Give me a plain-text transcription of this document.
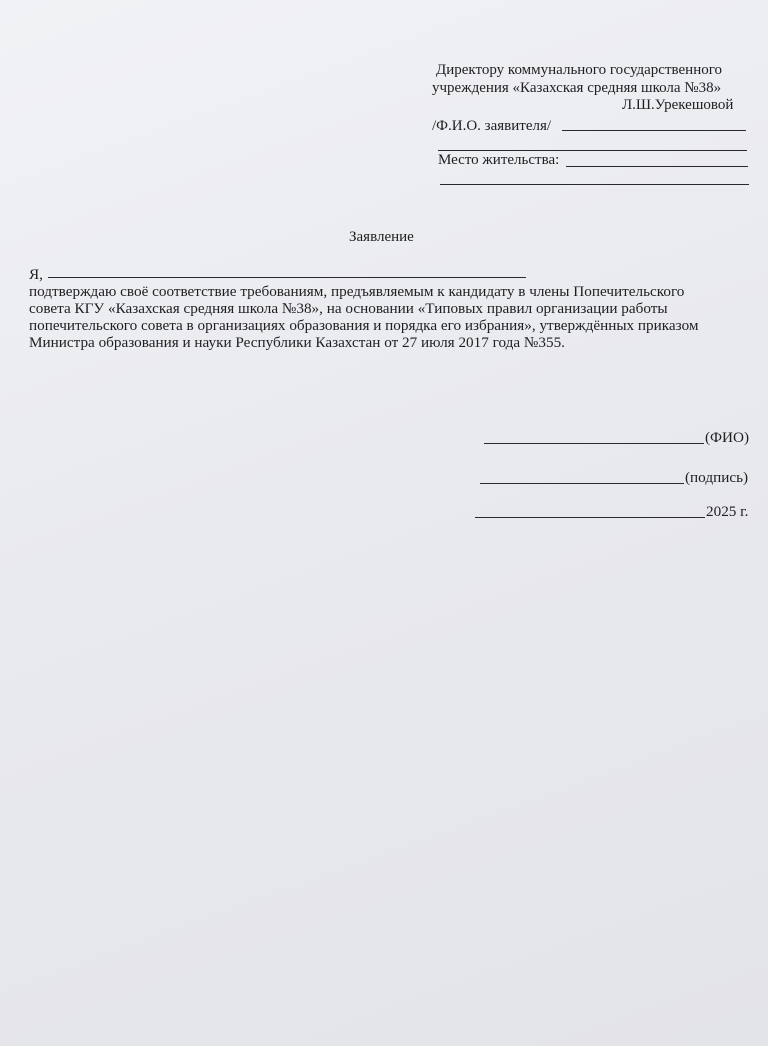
Директору коммунального государственного
учреждения «Казахская средняя школа №38»
Л.Ш.Урекешовой
/Ф.И.О. заявителя/
Место жительства:
Заявление
Я,
подтверждаю своё соответствие требованиям, предъявляемым к кандидату в члены Попечительского
совета КГУ «Казахская средняя школа №38», на основании «Типовых правил организации работы
попечительского совета в организациях образования и порядка его избрания», утверждённых приказом
Министра образования и науки Республики Казахстан от 27 июля 2017 года №355.
(ФИО)
(подпись)
2025 г.
